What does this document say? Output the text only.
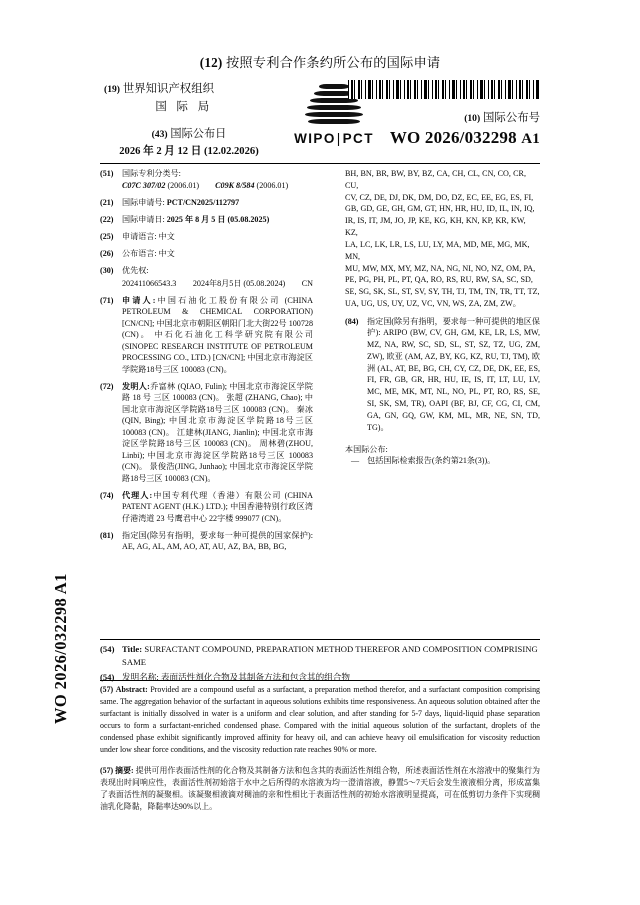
WO 2026/032298 A1
(12) 按照专利合作条约所公布的国际申请
(19) 世界知识产权组织
国 际 局
(43) 国际公布日
2026 年 2 月 12 日 (12.02.2026)
WIPO|PCT
(10) 国际公布号
WO 2026/032298 A1
(51) 国际专利分类号:
C07C 307/02 (2006.01) C09K 8/584 (2006.01)
(21) 国际申请号: PCT/CN2025/112797
(22) 国际申请日: 2025 年 8 月 5 日 (05.08.2025)
(25) 申请语言: 中文
(26) 公布语言: 中文
(30) 优先权:
202411066543.3 2024年8月5日 (05.08.2024) CN
(71) 申请人:中国石油化工股份有限公司 (CHINA PETROLEUM & CHEMICAL CORPORATION) [CN/CN]; 中国北京市朝阳区朝阳门北大街22号 100728 (CN)。 中石化石油化工科学研究院有限公司 (SINOPEC RESEARCH INSTITUTE OF PETROLEUM PROCESSING CO., LTD.) [CN/CN]; 中国北京市海淀区学院路18号三区 100083 (CN)。
(72) 发明人:乔富林 (QIAO, Fulin); 中国北京市海淀区学院路 18 号 三区 100083 (CN)。 张超 (ZHANG, Chao); 中国北京市海淀区学院路18号三区 100083 (CN)。 秦冰(QIN, Bing); 中国北京市海淀区学院路18号三区 100083 (CN)。 江建林(JIANG, Jianlin); 中国北京市海淀区学院路18号三区 100083 (CN)。 周林碧(ZHOU, Linbi); 中国北京市海淀区学院路18号三区 100083 (CN)。 景俊浩(JING, Junhao); 中国北京市海淀区学院路18号三区 100083 (CN)。
(74) 代理人:中国专利代理（香港）有限公司 (CHINA PATENT AGENT (H.K.) LTD.); 中国香港特别行政区湾仔港湾道 23 号鹰君中心 22字楼 999077 (CN)。
(81) 指定国(除另有指明，要求每一种可提供的国家保护): AE, AG, AL, AM, AO, AT, AU, AZ, BA, BB, BG,
BH, BN, BR, BW, BY, BZ, CA, CH, CL, CN, CO, CR, CU,
CV, CZ, DE, DJ, DK, DM, DO, DZ, EC, EE, EG, ES, FI,
GB, GD, GE, GH, GM, GT, HN, HR, HU, ID, IL, IN, IQ,
IR, IS, IT, JM, JO, JP, KE, KG, KH, KN, KP, KR, KW, KZ,
LA, LC, LK, LR, LS, LU, LY, MA, MD, ME, MG, MK, MN,
MU, MW, MX, MY, MZ, NA, NG, NI, NO, NZ, OM, PA,
PE, PG, PH, PL, PT, QA, RO, RS, RU, RW, SA, SC, SD,
SE, SG, SK, SL, ST, SV, SY, TH, TJ, TM, TN, TR, TT, TZ,
UA, UG, US, UY, UZ, VC, VN, WS, ZA, ZM, ZW。
(84) 指定国(除另有指明，要求每一种可提供的地区保护): ARIPO (BW, CV, GH, GM, KE, LR, LS, MW, MZ, NA, RW, SC, SD, SL, ST, SZ, TZ, UG, ZM, ZW), 欧亚 (AM, AZ, BY, KG, KZ, RU, TJ, TM), 欧洲 (AL, AT, BE, BG, CH, CY, CZ, DE, DK, EE, ES, FI, FR, GB, GR, HR, HU, IE, IS, IT, LT, LU, LV, MC, ME, MK, MT, NL, NO, PL, PT, RO, RS, SE, SI, SK, SM, TR), OAPI (BF, BJ, CF, CG, CI, CM, GA, GN, GQ, GW, KM, ML, MR, NE, SN, TD, TG)。
本国际公布:
— 包括国际检索报告(条约第21条(3))。
(54) Title: SURFACTANT COMPOUND, PREPARATION METHOD THEREFOR AND COMPOSITION COMPRISING SAME
(54) 发明名称: 表面活性剂化合物及其制备方法和包含其的组合物
(57) Abstract: Provided are a compound useful as a surfactant, a preparation method therefor, and a surfactant composition comprising same. The aggregation behavior of the surfactant in aqueous solutions exhibits time responsiveness. An aqueous solution obtained after the surfactant is initially dissolved in water is a uniform and clear solution, and after standing for 5-7 days, liquid-liquid phase separation occurs to form a surfactant-enriched condensed phase. Compared with the initial aqueous solution of the surfactant, droplets of the condensed phase exhibit significantly improved affinity for heavy oil, and can achieve heavy oil emulsification for viscosity reduction under low shear force conditions, and the viscosity reduction rate reaches 90% or more.
(57) 摘要: 提供可用作表面活性剂的化合物及其制备方法和包含其的表面活性剂组合物，所述表面活性剂在水溶液中的聚集行为表现出时间响应性，表面活性剂初始溶于水中之后所得的水溶液为均一澄清溶液，静置5～7天后会发生液液相分离，形成富集了表面活性剂的凝聚相。该凝聚相液滴对稠油的亲和性相比于表面活性剂的初始水溶液明显提高，可在低剪切力条件下实现稠油乳化降黏，降黏率达90%以上。
